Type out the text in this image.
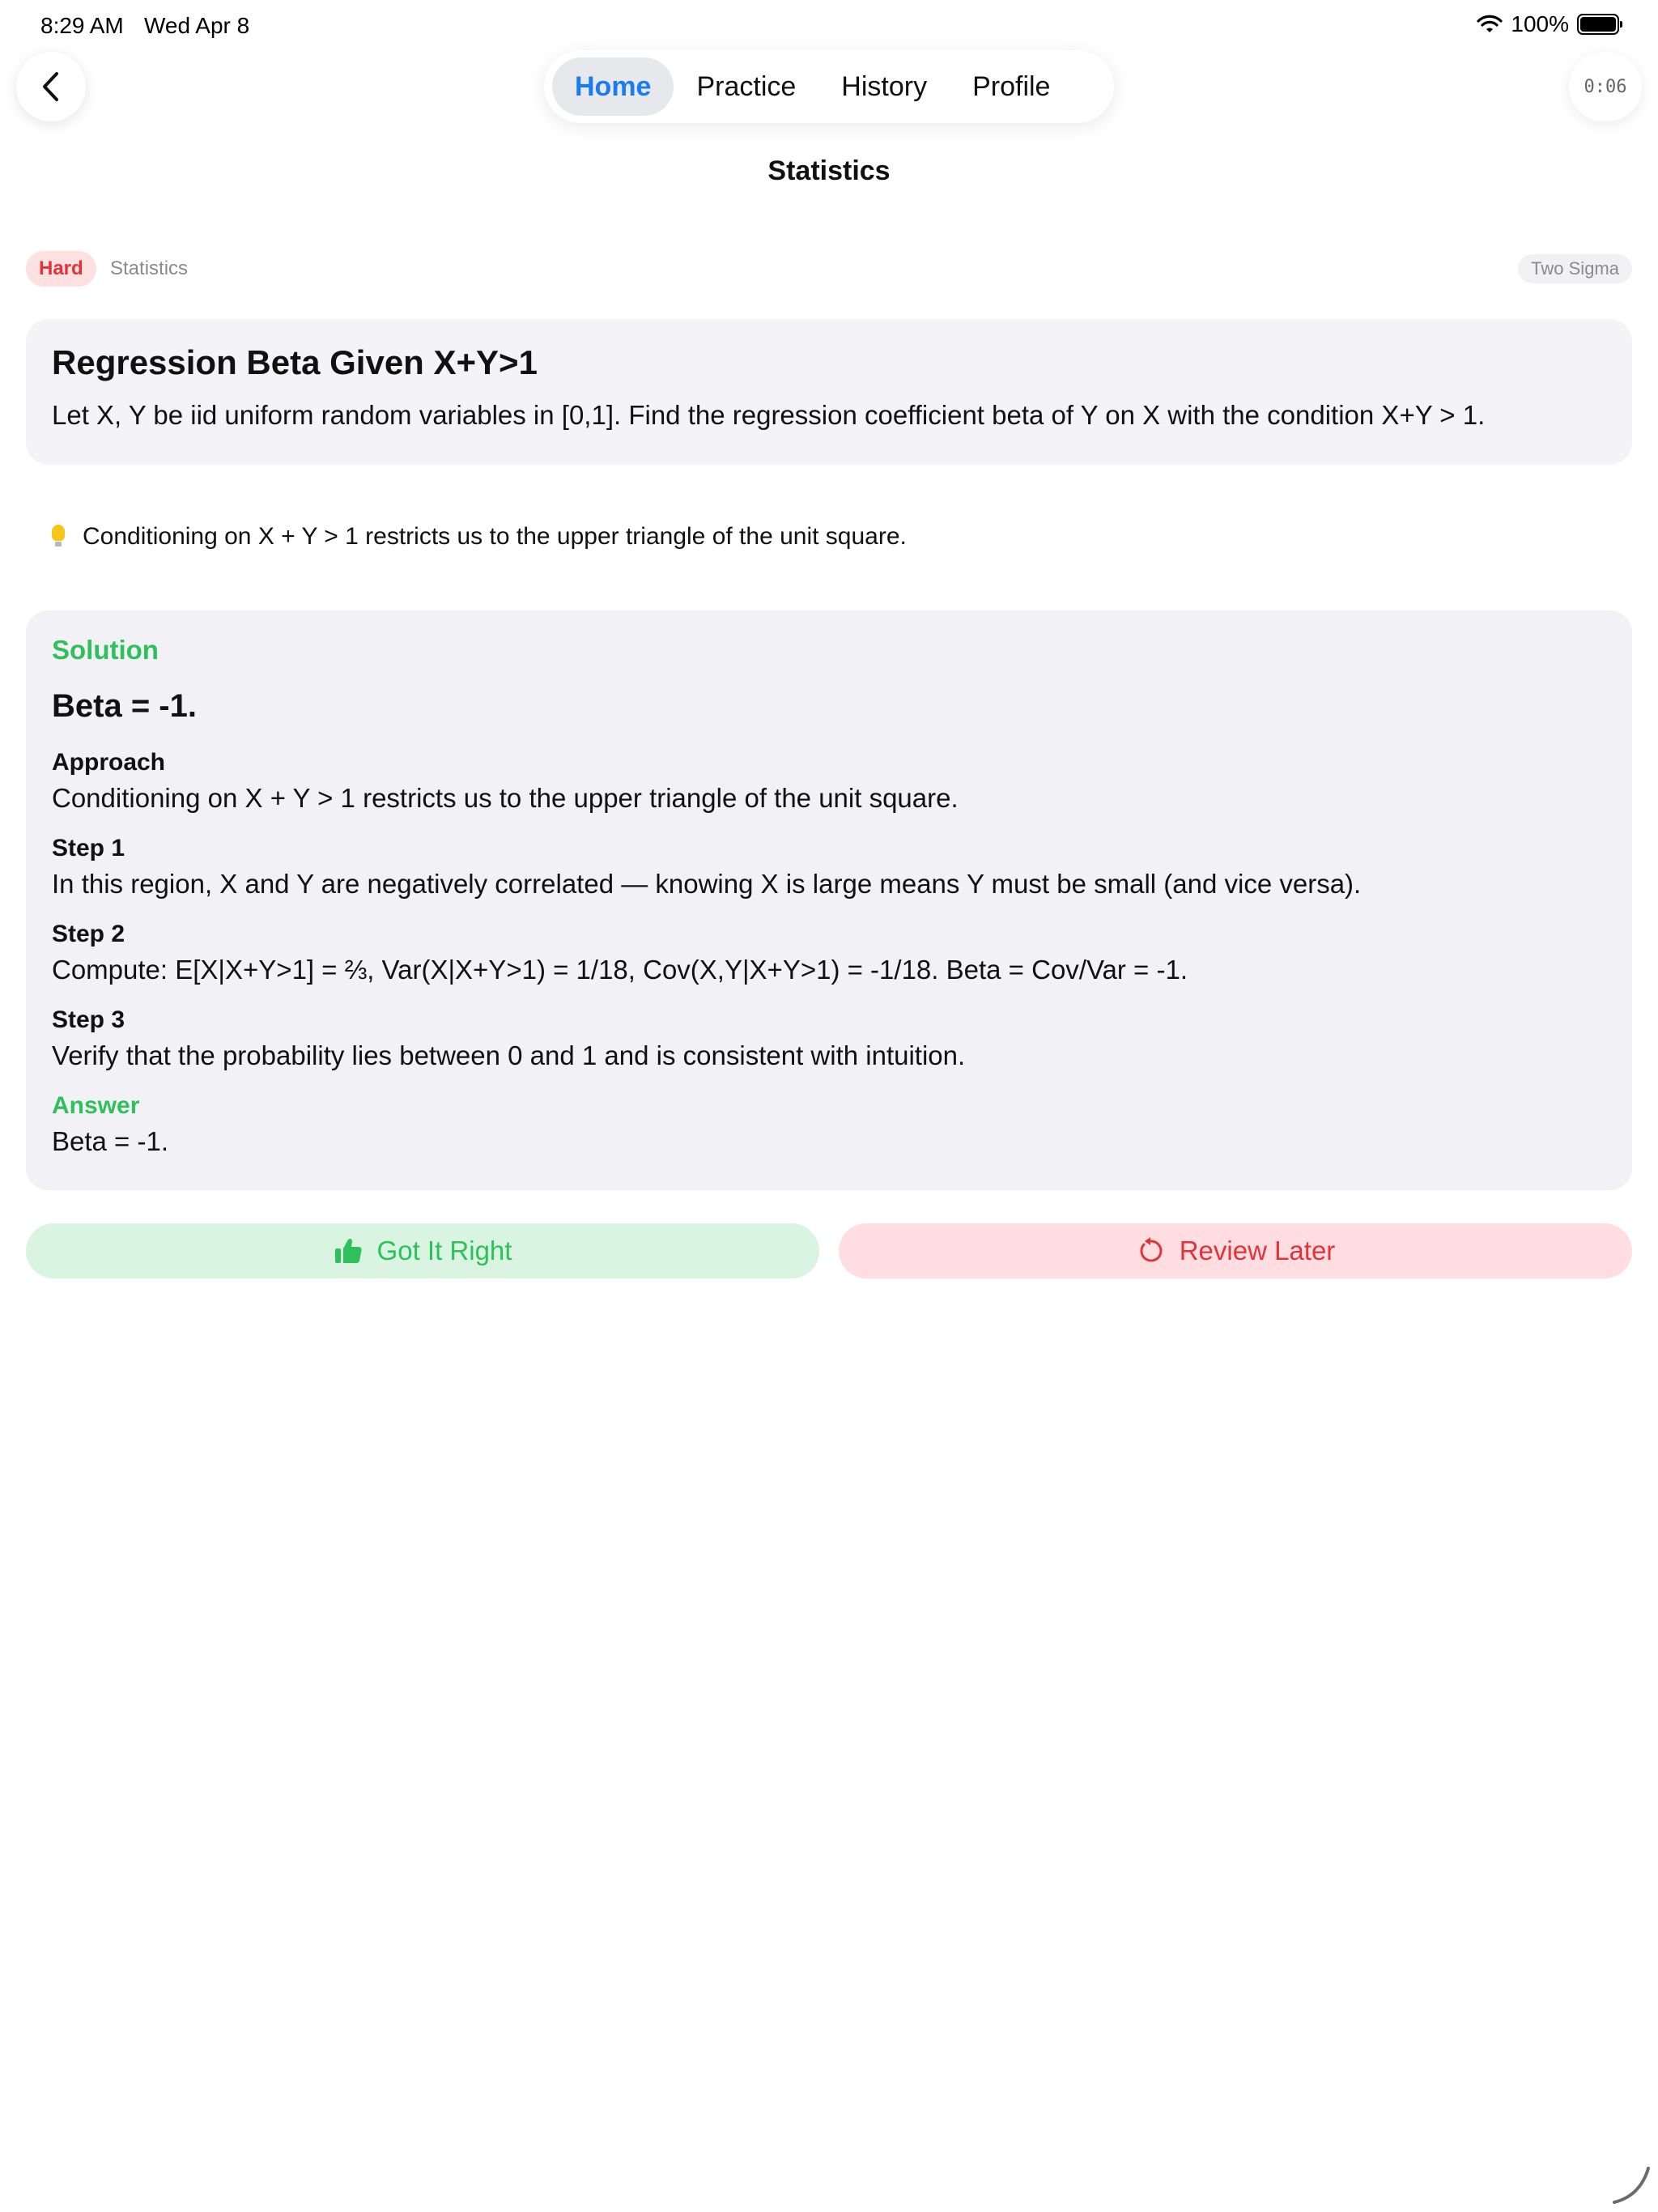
8:29 AM Wed Apr 8	100%
Home	Practice	History	Profile	0:06
Statistics
Hard	Statistics	Two Sigma
Regression Beta Given X+Y>1
Let X, Y be iid uniform random variables in [0,1]. Find the regression coefficient beta of Y on X with the condition X+Y > 1.
Conditioning on X + Y > 1 restricts us to the upper triangle of the unit square.
Solution
Beta = -1.
Approach
Conditioning on X + Y > 1 restricts us to the upper triangle of the unit square.
Step 1
In this region, X and Y are negatively correlated — knowing X is large means Y must be small (and vice versa).
Step 2
Compute: E[X|X+Y>1] = ⅔, Var(X|X+Y>1) = 1/18, Cov(X,Y|X+Y>1) = -1/18. Beta = Cov/Var = -1.
Step 3
Verify that the probability lies between 0 and 1 and is consistent with intuition.
Answer
Beta = -1.
Got It Right	Review Later
